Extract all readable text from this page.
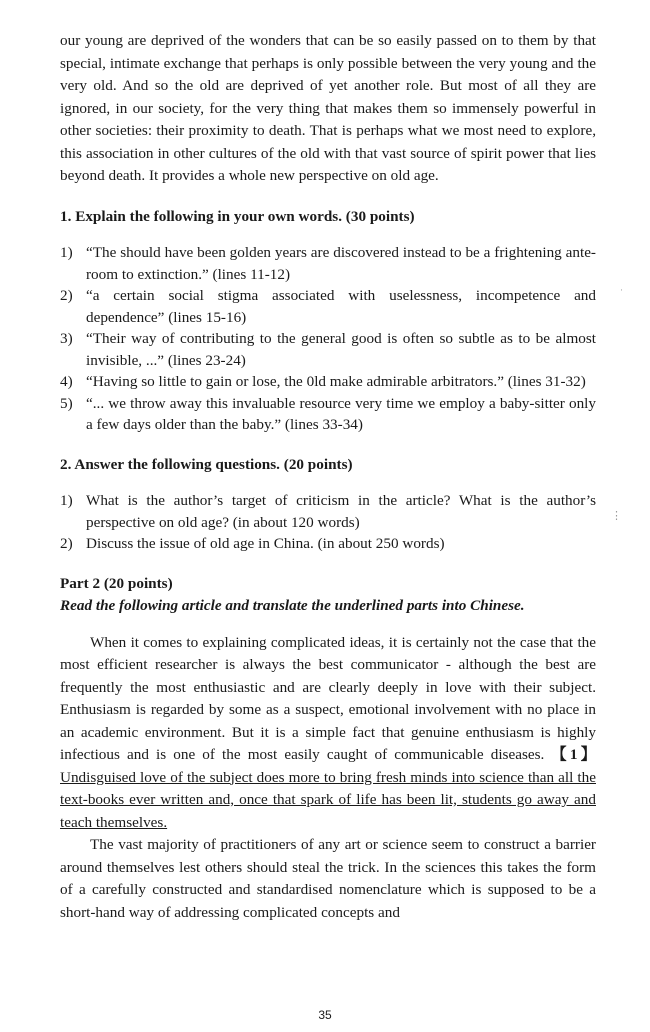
our young are deprived of the wonders that can be so easily passed on to them by that special, intimate exchange that perhaps is only possible between the very young and the very old. And so the old are deprived of yet another role. But most of all they are ignored, in our society, for the very thing that makes them so immensely powerful in other societies: their proximity to death. That is perhaps what we most need to explore, this association in other cultures of the old with that vast source of spirit power that lies beyond death. It provides a whole new perspective on old age.

1. Explain the following in your own words. (30 points)

1) “The should have been golden years are discovered instead to be a frightening ante-room to extinction.” (lines 11-12)
2) “a certain social stigma associated with uselessness, incompetence and dependence” (lines 15-16)
3) “Their way of contributing to the general good is often so subtle as to be almost invisible, ...” (lines 23-24)
4) “Having so little to gain or lose, the 0ld make admirable arbitrators.” (lines 31-32)
5) “... we throw away this invaluable resource very time we employ a baby-sitter only a few days older than the baby.” (lines 33-34)

2. Answer the following questions. (20 points)

1) What is the author’s target of criticism in the article? What is the author’s perspective on old age? (in about 120 words)
2) Discuss the issue of old age in China. (in about 250 words)

Part 2 (20 points)

Read the following article and translate the underlined parts into Chinese.

When it comes to explaining complicated ideas, it is certainly not the case that the most efficient researcher is always the best communicator - although the best are frequently the most enthusiastic and are clearly deeply in love with their subject. Enthusiasm is regarded by some as a suspect, emotional involvement with no place in an academic environment. But it is a simple fact that genuine enthusiasm is highly infectious and is one of the most easily caught of communicable diseases. 【1】Undisguised love of the subject does more to bring fresh minds into science than all the text-books ever written and, once that spark of life has been lit, students go away and teach themselves.

The vast majority of practitioners of any art or science seem to construct a barrier around themselves lest others should steal the trick. In the sciences this takes the form of a carefully constructed and standardised nomenclature which is supposed to be a short-hand way of addressing complicated concepts and

35
·
⋮
